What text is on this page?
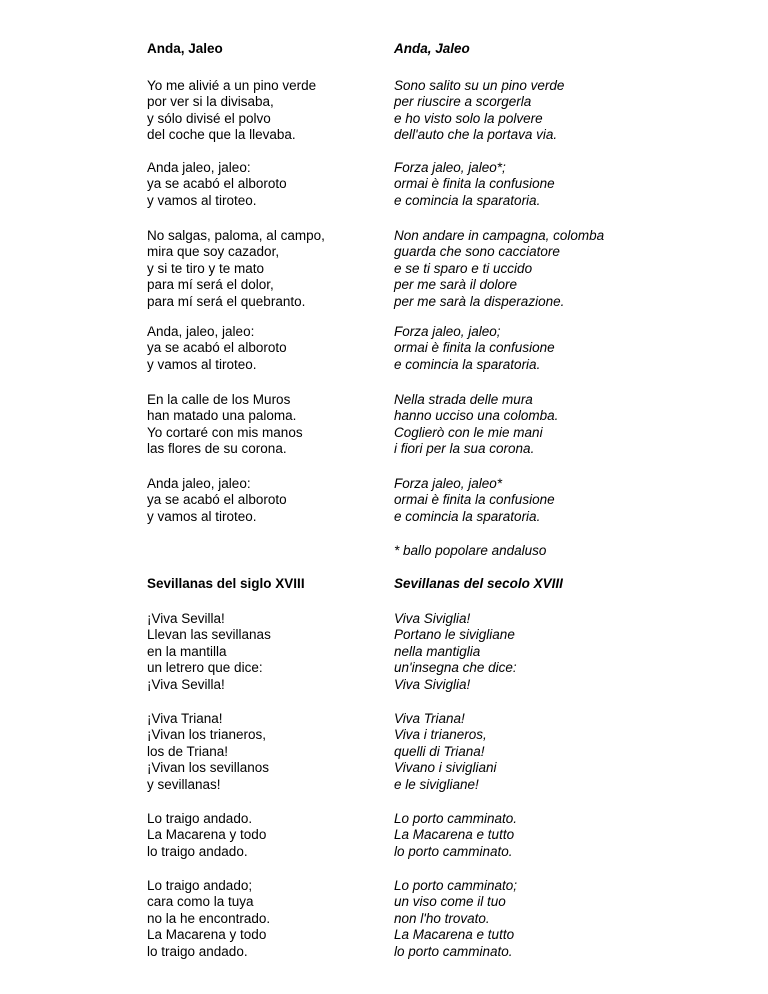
Anda, Jaleo
Yo me alivié a un pino verde
por ver si la divisaba,
y sólo divisé el polvo
del coche que la llevaba.
Anda jaleo, jaleo:
ya se acabó el alboroto
y vamos al tiroteo.
No salgas, paloma, al campo,
mira que soy cazador,
y si te tiro y te mato
para mí será el dolor,
para mí será el quebranto.
Anda, jaleo, jaleo:
ya se acabó el alboroto
y vamos al tiroteo.
En la calle de los Muros
han matado una paloma.
Yo cortaré con mis manos
las flores de su corona.
Anda jaleo, jaleo:
ya se acabó el alboroto
y vamos al tiroteo.
Sevillanas del siglo XVIII
¡Viva Sevilla!
Llevan las sevillanas
en la mantilla
un letrero que dice:
¡Viva Sevilla!
¡Viva Triana!
¡Vivan los trianeros,
los de Triana!
¡Vivan los sevillanos
y sevillanas!
Lo traigo andado.
La Macarena y todo
lo traigo andado.
Lo traigo andado;
cara como la tuya
no la he encontrado.
La Macarena y todo
lo traigo andado.
Anda, Jaleo
Sono salito su un pino verde
per riuscire a scorgerla
e ho visto solo la polvere
dell'auto che la portava via.
Forza jaleo, jaleo*;
ormai è finita la confusione
e comincia la sparatoria.
Non andare in campagna, colomba
guarda che sono cacciatore
e se ti sparo e ti uccido
per me sarà il dolore
per me sarà la disperazione.
Forza jaleo, jaleo;
ormai è finita la confusione
e comincia la sparatoria.
Nella strada delle mura
hanno ucciso una colomba.
Coglierò con le mie mani
i fiori per la sua corona.
Forza jaleo, jaleo*
ormai è finita la confusione
e comincia la sparatoria.
* ballo popolare andaluso
Sevillanas del secolo XVIII
Viva Siviglia!
Portano le sivigliane
nella mantiglia
un'insegna che dice:
Viva Siviglia!
Viva Triana!
Viva i trianeros,
quelli di Triana!
Vivano i sivigliani
e le sivigliane!
Lo porto camminato.
La Macarena e tutto
lo porto camminato.
Lo porto camminato;
un viso come il tuo
non l'ho trovato.
La Macarena e tutto
lo porto camminato.
